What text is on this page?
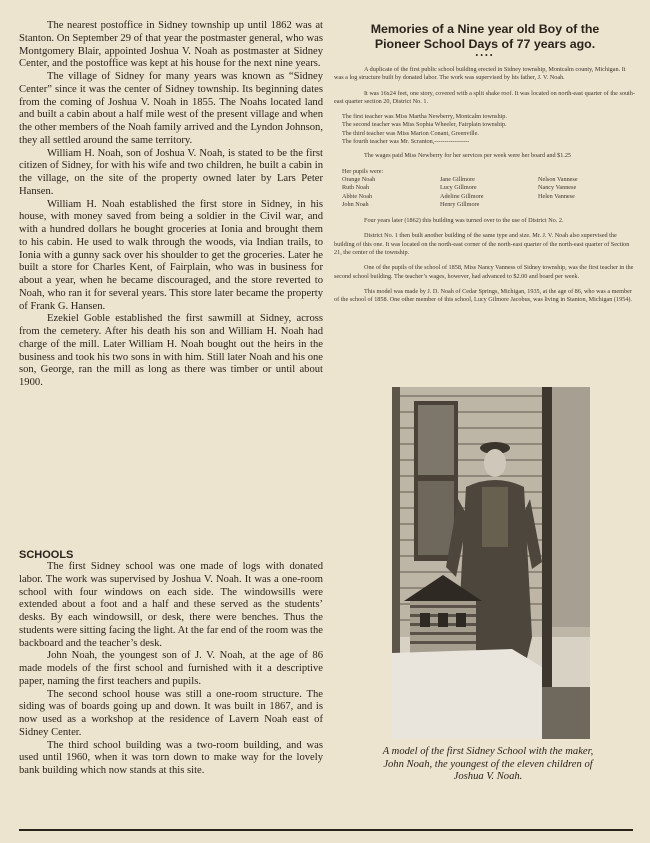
The nearest postoffice in Sidney township up until 1862 was at Stanton. On September 29 of that year the postmaster general, who was Montgomery Blair, appointed Joshua V. Noah as postmaster at Sidney Center, and the postoffice was kept at his house for the next nine years.

The village of Sidney for many years was known as “Sidney Center” since it was the center of Sidney township. Its beginning dates from the coming of Joshua V. Noah in 1855. The Noahs located land and built a cabin about a half mile west of the present village and when the other members of the Noah family arrived and the Lyndon Johnson, they all settled around the same territory.

William H. Noah, son of Joshua V. Noah, is stated to be the first citizen of Sidney, for with his wife and two children, he built a cabin in the village, on the site of the property owned later by Lars Peter Hansen.

William H. Noah established the first store in Sidney, in his house, with money saved from being a soldier in the Civil war, and with a hundred dollars he bought groceries at Ionia and brought them to his cabin. He used to walk through the woods, via Indian trails, to Ionia with a gunny sack over his shoulder to get the groceries. Later he built a store for Charles Kent, of Fairplain, who was in business for about a year, when he became discouraged, and the store reverted to Noah, who ran it for several years. This store later became the property of Frank G. Hansen.

Ezekiel Goble established the first sawmill at Sidney, across from the cemetery. After his death his son and William H. Noah had charge of the mill. Later William H. Noah bought out the heirs in the business and took his two sons in with him. Still later Noah and his one son, George, ran the mill as long as there was timber or until about 1900.

SCHOOLS

The first Sidney school was one made of logs with donated labor. The work was supervised by Joshua V. Noah. It was a one-room school with four windows on each side. The windowsills were extended about a foot and a half and these served as the students’ desks. By each windowsill, or desk, there were benches. Thus the students were sitting facing the light. At the far end of the room was the backboard and the teacher’s desk.

John Noah, the youngest son of J. V. Noah, at the age of 86 made models of the first school and furnished with it a descriptive paper, naming the first teachers and pupils.

The second school house was still a one-room structure. The siding was of boards going up and down. It was built in 1867, and is now used as a workshop at the residence of Lavern Noah east of Sidney Center.

The third school building was a two-room building, and was used until 1960, when it was torn down to make way for the lovely bank building which now stands at this site.

Memories of a Nine year old Boy of the
Pioneer School Days of 77 years ago.
••••

A duplicate of the first public school building erected in Sidney township, Montcalm county, Michigan. It was a log structure built by donated labor. The work was supervised by his father, J. V. Noah.

It was 16x24 feet, one story, covered with a split shake roof. It was located on north-east quarter of the south-east quarter section 20, District No. 1.

The first teacher was Miss Martha Newberry, Montcalm township.
The second teacher was Miss Sophia Wheeler, Fairplain township.
The third teacher was Miss Marion Conant, Greenville.
The fourth teacher was Mr. Scranton,-----------------

The wages paid Miss Newberry for her services per week were her board and $1.25

Her pupils were:
Orange Noah
Ruth Noah
Abbie Noah
John Noah
Jane Gillmore
Lucy Gillmore
Adeline Gillmore
Henry Gillmore
Nelson Vannese
Nancy Vannese
Helen Vannese

Four years later (1862) this building was turned over to the use of District No. 2.

District No. 1 then built another building of the same type and size. Mr. J. V. Noah also supervised the building of this one. It was located on the north-east corner of the north-east quarter of the north-east quarter of Section 21, the center of the township.

One of the pupils of the school of 1858, Miss Nancy Vanness of Sidney township, was the first teacher in the second school building. The teacher’s wages, however, had advanced to $2.00 and board per week.

This model was made by J. D. Noah of Cedar Springs, Michigan, 1935, at the age of 86, who was a member of the school of 1858. One other member of this school, Lucy Gilmore Jacobus, was living in Stanton, Michigan (1954).

A model of the first Sidney School with the maker, John Noah, the youngest of the eleven children of Joshua V. Noah.
